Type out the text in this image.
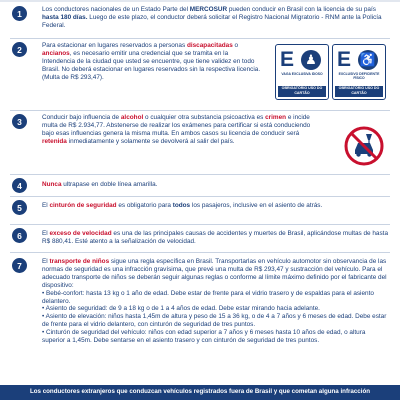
1	Los conductores nacionales de un Estado Parte del MERCOSUR pueden conducir en Brasil con la licencia de su país hasta 180 días. Luego de este plazo, el conductor deberá solicitar el Registro Nacional Migratorio - RNM ante la Policía Federal.
2	Para estacionar en lugares reservados a personas discapacitadas o ancianos, es necesario emitir una credencial que se tramita en la Intendencia de la ciudad que usted se encuentre, que tiene validez en todo Brasil. No deberá estacionar en lugares reservados sin la respectiva licencia. (Multa de R$ 293,47).
E ♟
VAGA EXCLUSIVA IDOSO
OBRIGATÓRIO USO DO CARTÃO
E ♿
EXCLUSIVO DEFICIENTE FÍSICO
OBRIGATÓRIO USO DO CARTÃO
3	Conducir bajo influencia de alcohol o cualquier otra substancia psicoactiva es crimen e incide multa de R$ 2.934,77. Abstenerse de realizar los exámenes para certificar si está conduciendo bajo esas influencias genera la misma multa. En ambos casos su licencia de conducir será retenida inmediatamente y solamente se devolverá al salir del país.
4	Nunca ultrapase en doble línea amarilla.
5	El cinturón de seguridad es obligatorio para todos los pasajeros, inclusive en el asiento de atrás.
6	El exceso de velocidad es una de las principales causas de accidentes y muertes de Brasil, aplicándose multas de hasta R$ 880,41. Esté atento a la señalización de velocidad.
7	El transporte de niños sigue una regla específica en Brasil. Transportarlas en vehículo automotor sin observancia de las normas de seguridad es una infracción gravísima, que prevé una multa de R$ 293,47 y sustracción del vehículo. Para el adecuado transporte de niños se deberán seguir algunas reglas o conforme al límite máximo definido por el fabricante del dispositivo:
• Bebé-confort: hasta 13 kg o 1 año de edad. Debe estar de frente para el vidrio trasero y de espaldas para el asiento delantero.
• Asiento de seguridad: de 9 a 18 kg o de 1 a 4 años de edad. Debe estar mirando hacia adelante.
• Asiento de elevación: niños hasta 1,45m de altura y peso de 15 a 36 kg, o de 4 a 7 años y 6 meses de edad. Debe estar de frente para el vidrio delantero, con cinturón de seguridad de tres puntos.
• Cinturón de seguridad del vehículo: niños con edad superior a 7 años y 6 meses hasta 10 años de edad, o altura superior a 1,45m. Debe sentarse en el asiento trasero y con cinturón de seguridad de tres puntos.
Los conductores extranjeros que conduzcan vehículos registrados fuera de Brasil y que cometan alguna infracción
